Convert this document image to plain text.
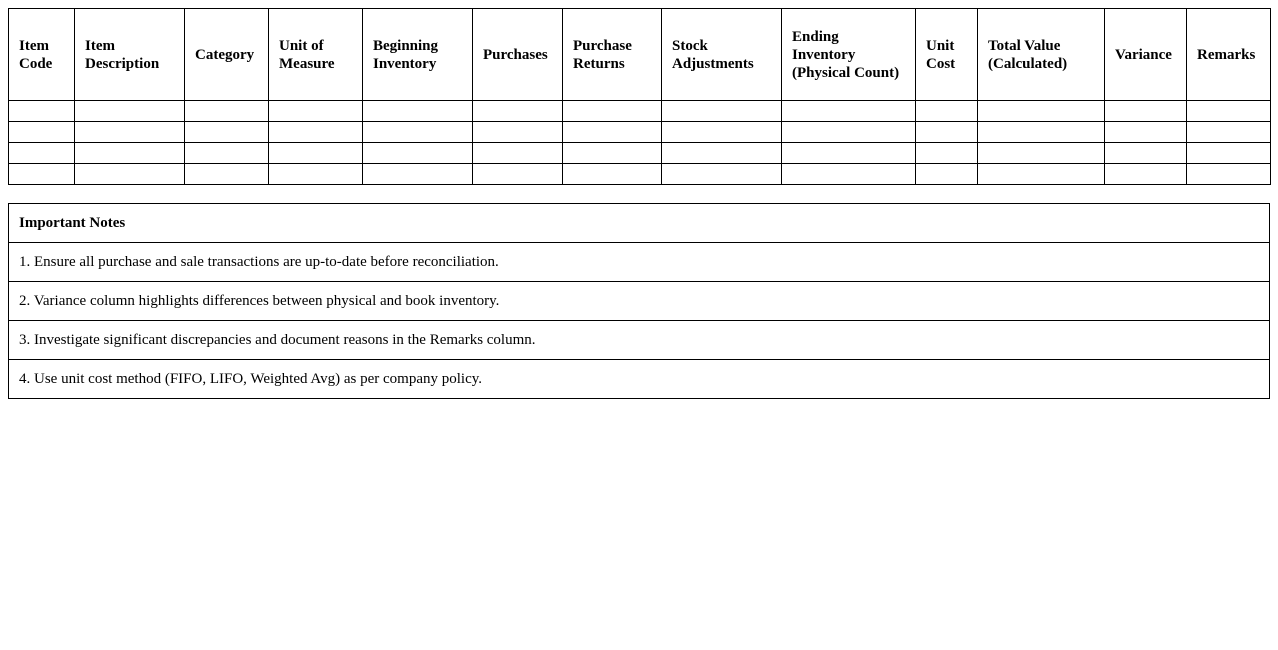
Item Code	Item Description	Category	Unit of Measure	Beginning Inventory	Purchases	Purchase Returns	Stock Adjustments	Ending Inventory (Physical Count)	Unit Cost	Total Value (Calculated)	Variance	Remarks

Important Notes
1. Ensure all purchase and sale transactions are up-to-date before reconciliation.
2. Variance column highlights differences between physical and book inventory.
3. Investigate significant discrepancies and document reasons in the Remarks column.
4. Use unit cost method (FIFO, LIFO, Weighted Avg) as per company policy.
